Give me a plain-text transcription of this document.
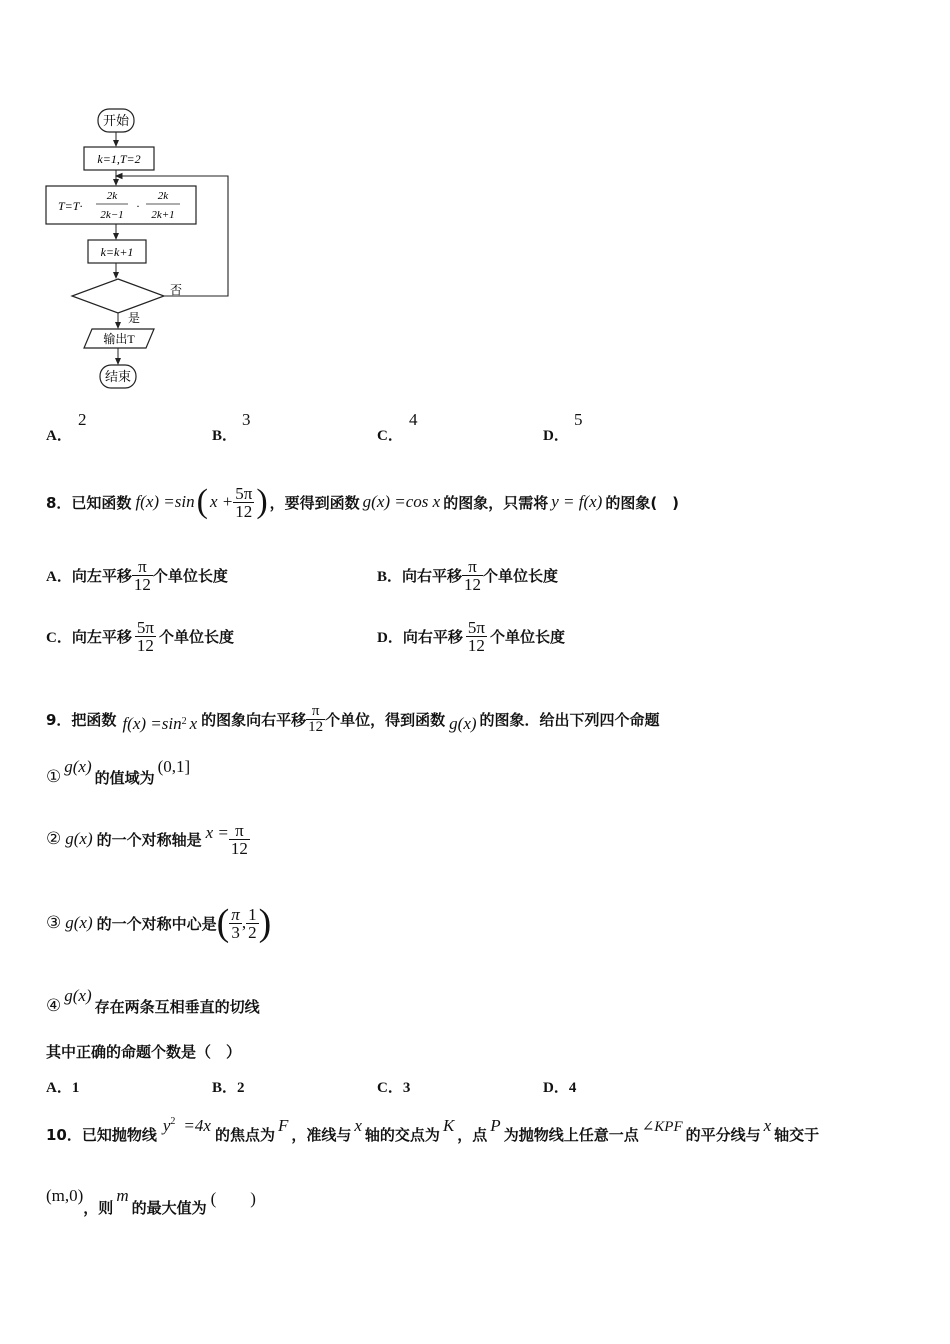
开始
k=1,T=2
T=T·
2k
2k−1
·
2k
2k+1
k=k+1
否
是
输出T
结束
A．
2
B．
3
C．
4
D．
5
8．已知函数 f(x) =sin ( $x + \frac{5\pi}{12}$ ) ，要得到函数 g(x) =cos x 的图象，只需将 y = f(x) 的图象(　)
A． 向左平移 $\frac{\pi}{12}$ 个单位长度	B． 向右平移 $\frac{\pi}{12}$ 个单位长度
C． 向左平移 $\frac{5\pi}{12}$ 个单位长度	D． 向右平移 $\frac{5\pi}{12}$ 个单位长度
9．把函数 f(x) =sin 2 x 的图象向右平移 $\frac{\pi}{12}$ 个单位，得到函数 g(x) 的图象．给出下列四个命题
①
g(x)
的值域为
(0,1]
② g(x) 的一个对称轴是 $x = \frac{\pi}{12}$
③ g(x) 的一个对称中心是 ( $\frac{\pi}{3}$ , $\frac{1}{2}$ )
④
g(x)
存在两条互相垂直的切线
其中正确的命题个数是（　）
A．1	B．2	C．3	D．4
10．已知抛物线 $y^2 =4x$ 的焦点为 F ，准线与 x 轴的交点为 K ，点 P 为抛物线上任意一点 ∠KPF 的平分线与 x 轴交于
(m,0)
，则
m
的最大值为 (　　)
